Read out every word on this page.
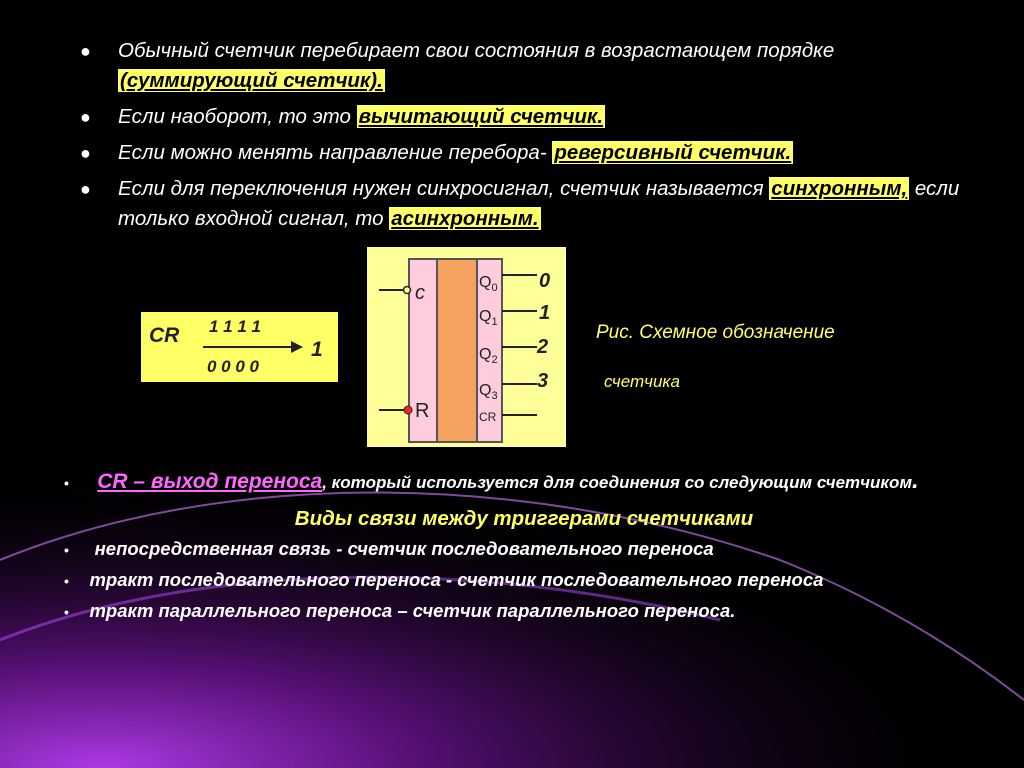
● Обычный счетчик перебирает свои состояния в возрастающем порядке (суммирующий счетчик).
● Если наоборот, то это вычитающий счетчик.
● Если можно менять направление перебора- реверсивный счетчик.
● Если для переключения нужен синхросигнал, счетчик называется синхронным, если только входной сигнал, то асинхронным.
CR 1 1 1 1
0 0 0 0
1
c
R
$Q_0$
$Q_1$
$Q_2$
$Q_3$
CR
0
1
2
3
Рис. Схемное обозначение
счетчика
• CR – выход переноса, который используется для соединения со следующим счетчиком.
Виды связи между триггерами счетчиками
• непосредственная связь - счетчик последовательного переноса
• тракт последовательного переноса - счетчик последовательного переноса
• тракт параллельного переноса – счетчик параллельного переноса.
